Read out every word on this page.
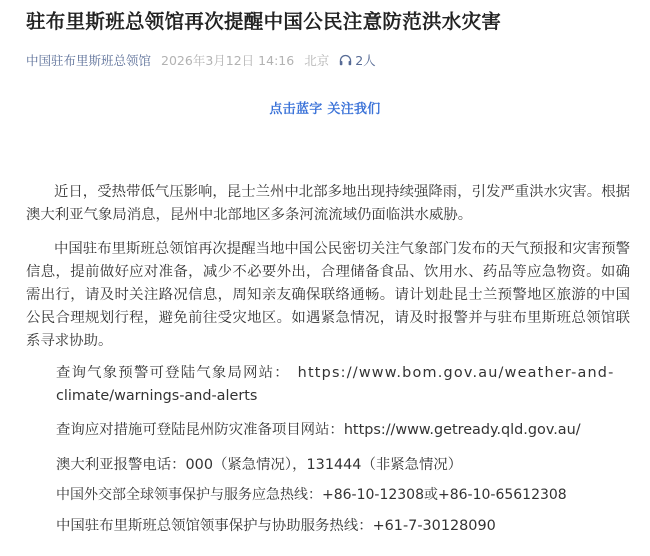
驻布里斯班总领馆再次提醒中国公民注意防范洪水灾害
中国驻布里斯班总领馆 2026年3月12日 14:16 北京 2人
点击蓝字 关注我们

近日，受热带低气压影响，昆士兰州中北部多地出现持续强降雨，引发严重洪水灾害。根据澳大利亚气象局消息，昆州中北部地区多条河流流域仍面临洪水威胁。

中国驻布里斯班总领馆再次提醒当地中国公民密切关注气象部门发布的天气预报和灾害预警信息，提前做好应对准备，减少不必要外出，合理储备食品、饮用水、药品等应急物资。如确需出行，请及时关注路况信息，周知亲友确保联络通畅。请计划赴昆士兰预警地区旅游的中国公民合理规划行程，避免前往受灾地区。如遇紧急情况，请及时报警并与驻布里斯班总领馆联系寻求协助。

查询气象预警可登陆气象局网站： https://www.bom.gov.au/weather-and-
climate/warnings-and-alerts
查询应对措施可登陆昆州防灾准备项目网站：https://www.getready.qld.gov.au/
澳大利亚报警电话：000（紧急情况），131444（非紧急情况）
中国外交部全球领事保护与服务应急热线：+86-10-12308或+86-10-65612308
中国驻布里斯班总领馆领事保护与协助服务热线：+61-7-30128090
